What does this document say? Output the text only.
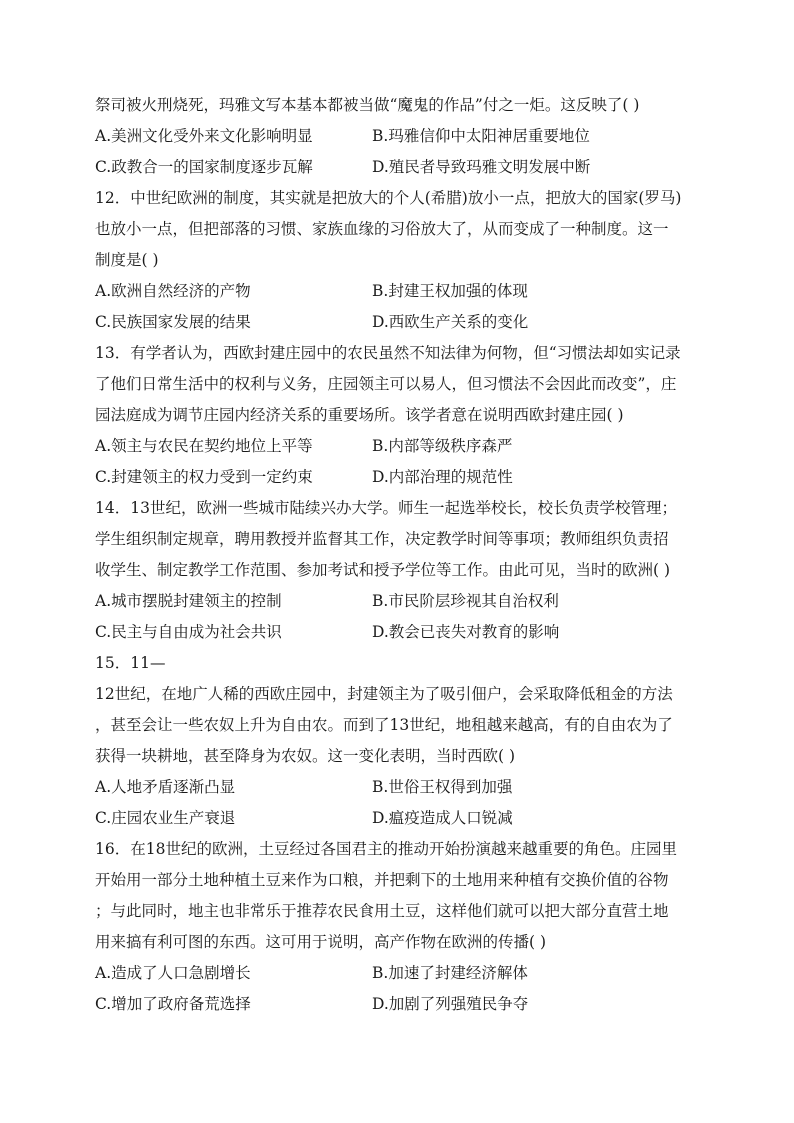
祭司被火刑烧死，玛雅文写本基本都被当做“魔鬼的作品”付之一炬。这反映了( )
A.美洲文化受外来文化影响明显	B.玛雅信仰中太阳神居重要地位
C.政教合一的国家制度逐步瓦解	D.殖民者导致玛雅文明发展中断
12．中世纪欧洲的制度，其实就是把放大的个人(希腊)放小一点，把放大的国家(罗马)
也放小一点，但把部落的习惯、家族血缘的习俗放大了，从而变成了一种制度。这一
制度是( )
A.欧洲自然经济的产物	B.封建王权加强的体现
C.民族国家发展的结果	D.西欧生产关系的变化
13．有学者认为，西欧封建庄园中的农民虽然不知法律为何物，但“习惯法却如实记录
了他们日常生活中的权利与义务，庄园领主可以易人，但习惯法不会因此而改变”，庄
园法庭成为调节庄园内经济关系的重要场所。该学者意在说明西欧封建庄园( )
A.领主与农民在契约地位上平等	B.内部等级秩序森严
C.封建领主的权力受到一定约束	D.内部治理的规范性
14．13世纪，欧洲一些城市陆续兴办大学。师生一起选举校长，校长负责学校管理；
学生组织制定规章，聘用教授并监督其工作，决定教学时间等事项；教师组织负责招
收学生、制定教学工作范围、参加考试和授予学位等工作。由此可见，当时的欧洲( )
A.城市摆脱封建领主的控制	B.市民阶层珍视其自治权利
C.民主与自由成为社会共识	D.教会已丧失对教育的影响
15．11—
12世纪，在地广人稀的西欧庄园中，封建领主为了吸引佃户，会采取降低租金的方法
，甚至会让一些农奴上升为自由农。而到了13世纪，地租越来越高，有的自由农为了
获得一块耕地，甚至降身为农奴。这一变化表明，当时西欧( )
A.人地矛盾逐渐凸显	B.世俗王权得到加强
C.庄园农业生产衰退	D.瘟疫造成人口锐减
16．在18世纪的欧洲，土豆经过各国君主的推动开始扮演越来越重要的角色。庄园里
开始用一部分土地种植土豆来作为口粮，并把剩下的土地用来种植有交换价值的谷物
；与此同时，地主也非常乐于推荐农民食用土豆，这样他们就可以把大部分直营土地
用来搞有利可图的东西。这可用于说明，高产作物在欧洲的传播( )
A.造成了人口急剧增长	B.加速了封建经济解体
C.增加了政府备荒选择	D.加剧了列强殖民争夺
